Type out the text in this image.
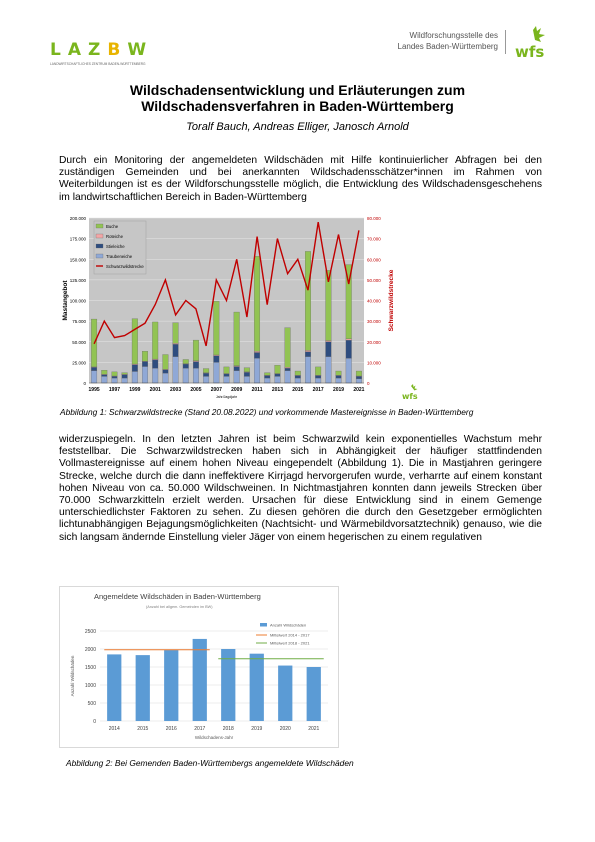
L A Z B W
LANDWIRTSCHAFTLICHES ZENTRUM BADEN-WÜRTTEMBERG
Wildforschungsstelle des
Landes Baden-Württemberg wfs
Wildschadensentwicklung und Erläuterungen zum
Wildschadensverfahren in Baden-Württemberg
Toralf Bauch, Andreas Elliger, Janosch Arnold
Durch ein Monitoring der angemeldeten Wildschäden mit Hilfe kontinuierlicher Abfragen bei den zuständigen Gemeinden und bei anerkannten Wildschadensschätzer*innen im Rahmen von Weiterbildungen ist es der Wildforschungsstelle möglich, die Entwicklung des Wildschadensgeschehens im landwirtschaftlichen Bereich in Baden-Württemberg
0
25.000
50.000
75.000
100.000
125.000
150.000
175.000
200.000
0
10.000
20.000
30.000
40.000
50.000
60.000
70.000
80.000
1995 1997 1999 2001 2003 2005 2007 2009 2011 2013 2015 2017 2019 2021
Jahr/Jagdjahr
Mastangebot	Schwarzwildstrecke
Buche
Roteiche
Stieleiche
Traubeneiche
Schwarzwildstrecke
wfs
Abbildung 1: Schwarzwildstrecke (Stand 20.08.2022) und vorkommende Mastereignisse in Baden-Württemberg
widerzuspiegeln. In den letzten Jahren ist beim Schwarzwild kein exponentielles Wachstum mehr feststellbar. Die Schwarzwildstrecken haben sich in Abhängigkeit der häufiger stattfindenden Vollmastereignisse auf einem hohen Niveau eingependelt (Abbildung 1). Die in Mastjahren geringere Strecke, welche durch die dann ineffektivere Kirrjagd hervorgerufen wurde, verharrte auf einem konstant hohen Niveau von ca. 50.000 Wildschweinen. In Nichtmastjahren konnten dann jeweils Strecken über 70.000 Schwarzkitteln erzielt werden. Ursachen für diese Entwicklung sind in einem Gemenge unterschiedlichster Faktoren zu sehen. Zu diesen gehören die durch den Gesetzgeber ermöglichten lichtunabhängigen Bejagungsmöglichkeiten (Nachtsicht- und Wärmebildvorsatztechnik) genauso, wie die sich langsam ändernde Einstellung vieler Jäger von einem hegerischen zu einem regulativen
Angemeldete Wildschäden in Baden-Württemberg
(Anzahl bei allgem. Gemeinden im BW)
0
500
1000
1500
2000
2500
2014	2015	2016	2017	2018	2019	2020	2021
Wildschadens-Jahr
Anzahl Wildschäden
Anzahl Wildschäden
Mittelwert 2014 - 2017
Mittelwert 2018 - 2021
Abbildung 2: Bei Gemenden Baden-Württembergs angemeldete Wildschäden
